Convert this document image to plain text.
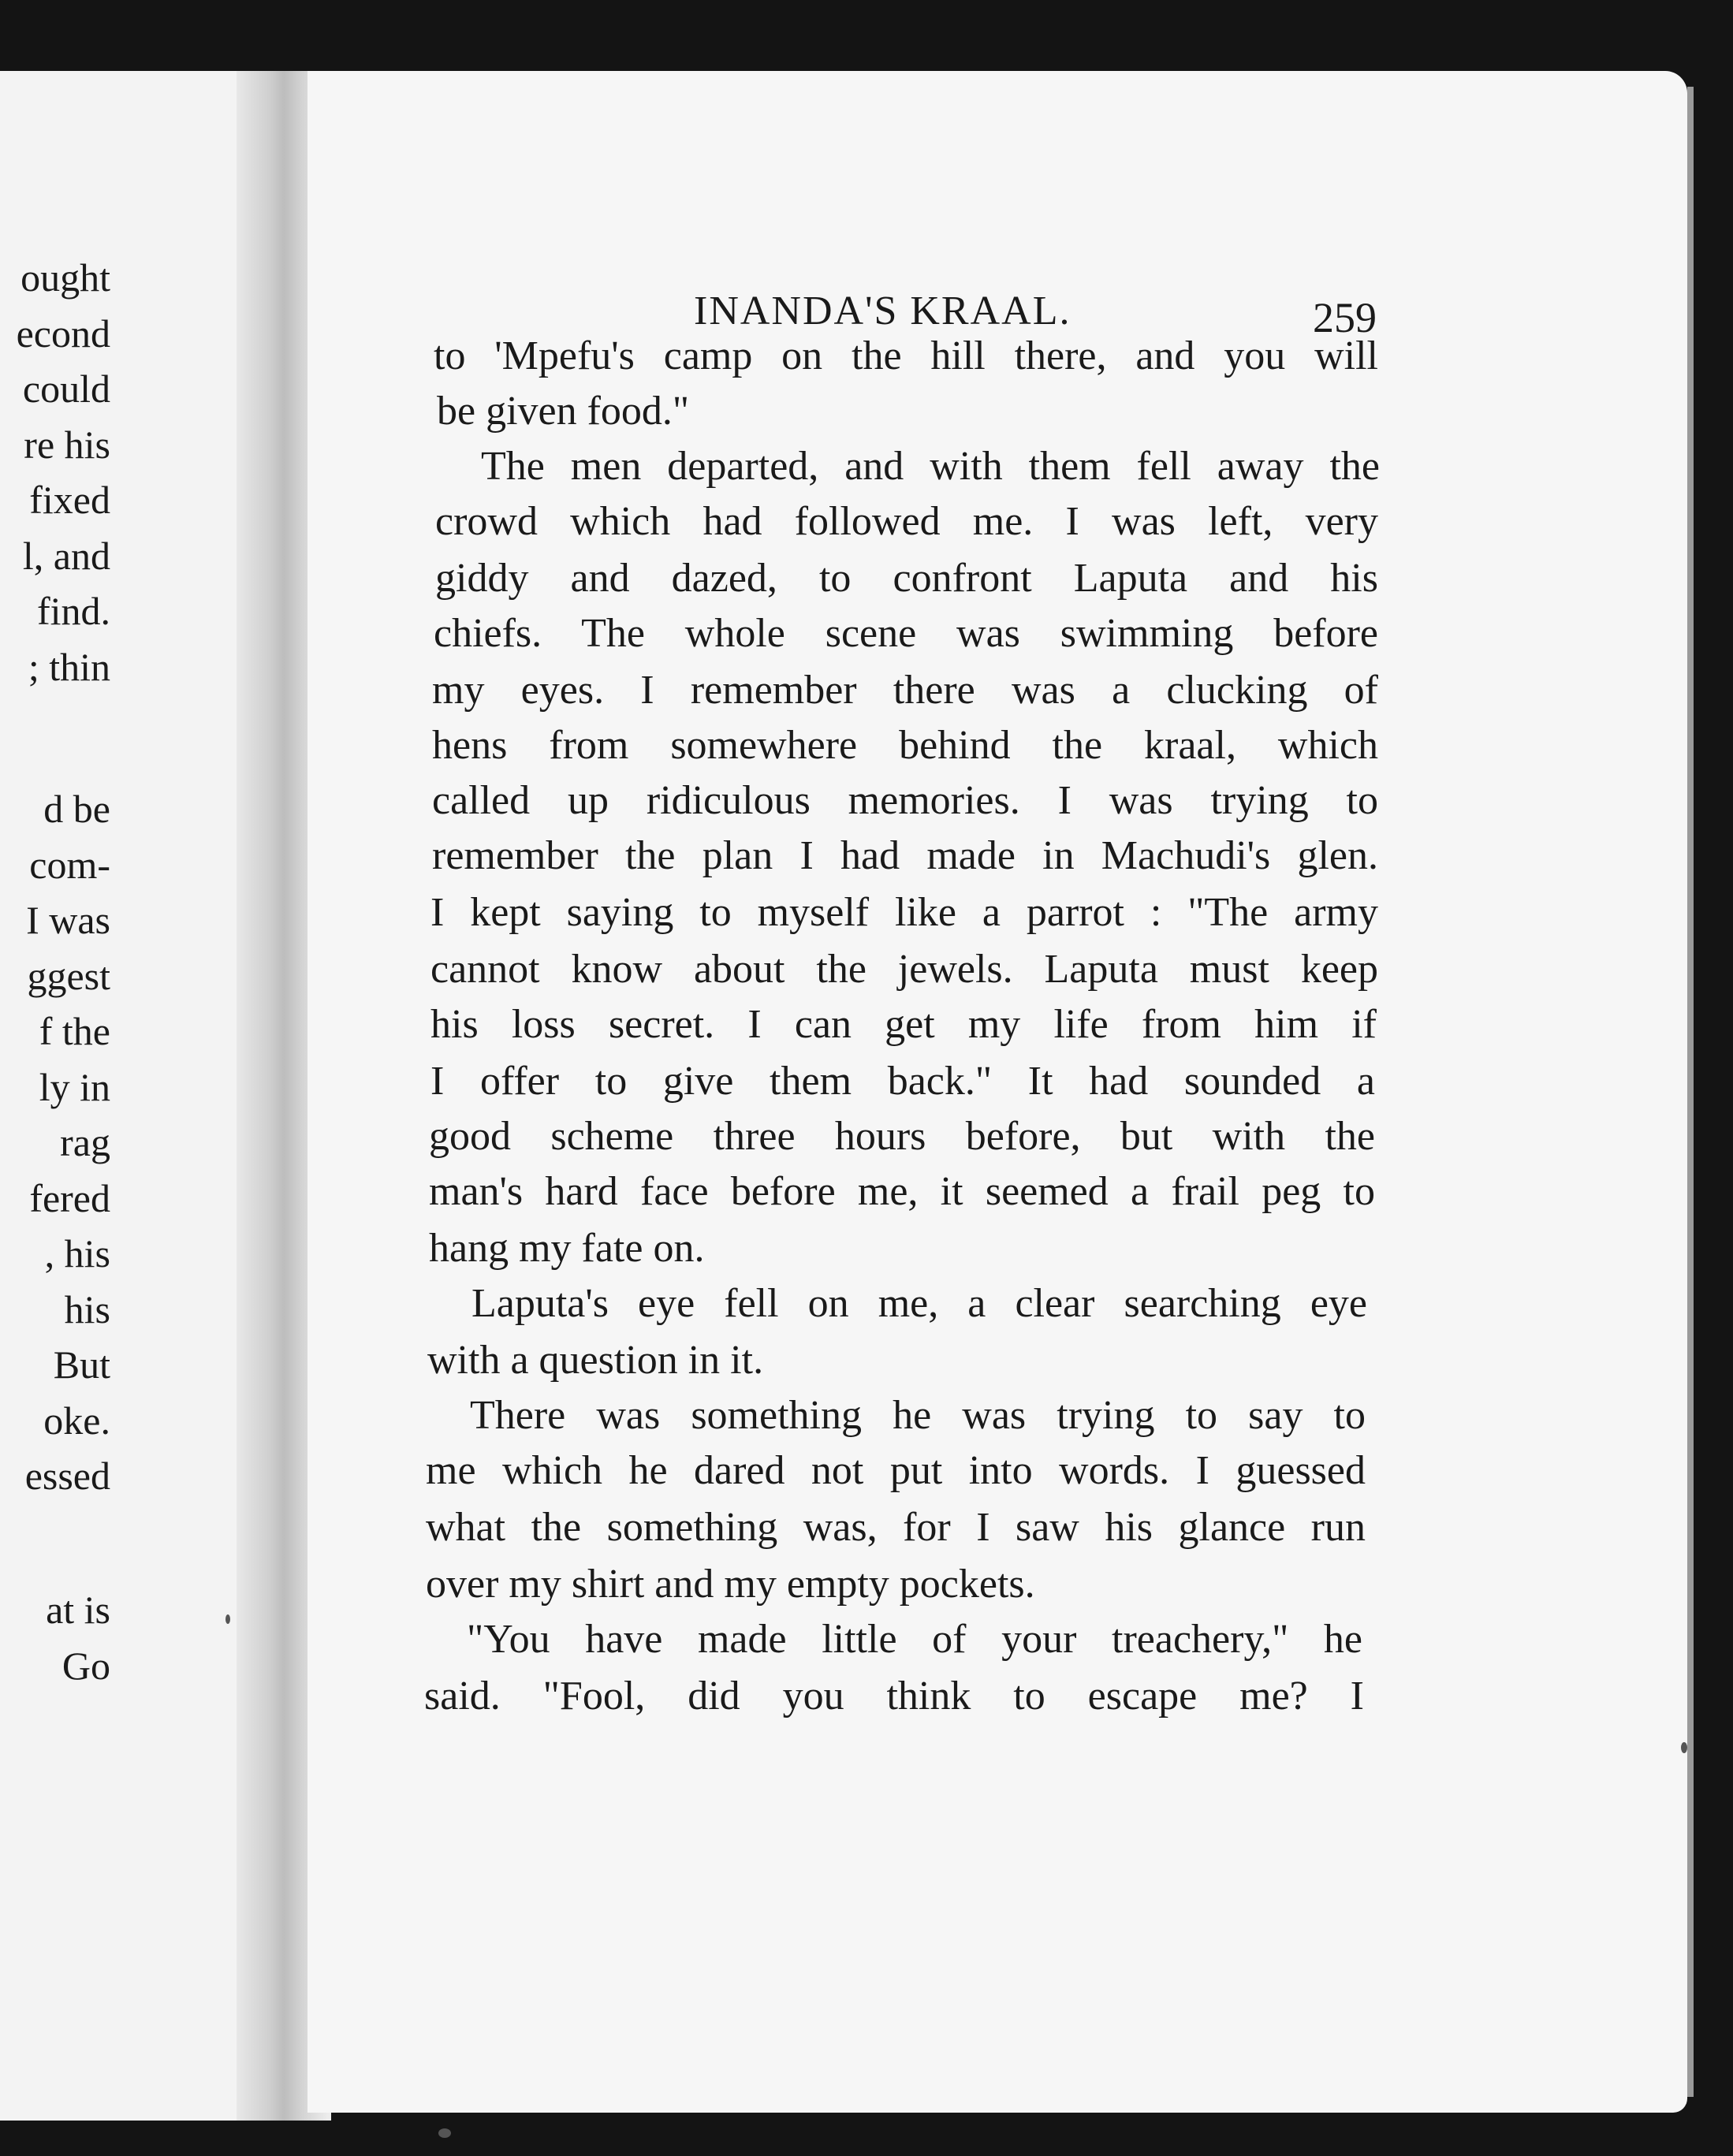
ought
econd
could
re his
fixed
l, and
find.
; thin
d be
com-
I was
ggest
f the
ly in
rag
fered
, his
his
But
oke.
essed
at is
Go
INANDA'S KRAAL.	259
to 'Mpefu's camp on the hill there, and you will
be given food."
The men departed, and with them fell away the
crowd which had followed me. I was left, very
giddy and dazed, to confront Laputa and his
chiefs. The whole scene was swimming before
my eyes. I remember there was a clucking of
hens from somewhere behind the kraal, which
called up ridiculous memories. I was trying to
remember the plan I had made in Machudi's glen.
I kept saying to myself like a parrot : "The army
cannot know about the jewels. Laputa must keep
his loss secret. I can get my life from him if
I offer to give them back." It had sounded a
good scheme three hours before, but with the
man's hard face before me, it seemed a frail peg to
hang my fate on.
Laputa's eye fell on me, a clear searching eye
with a question in it.
There was something he was trying to say to
me which he dared not put into words. I guessed
what the something was, for I saw his glance run
over my shirt and my empty pockets.
"You have made little of your treachery," he
said. "Fool, did you think to escape me? I
